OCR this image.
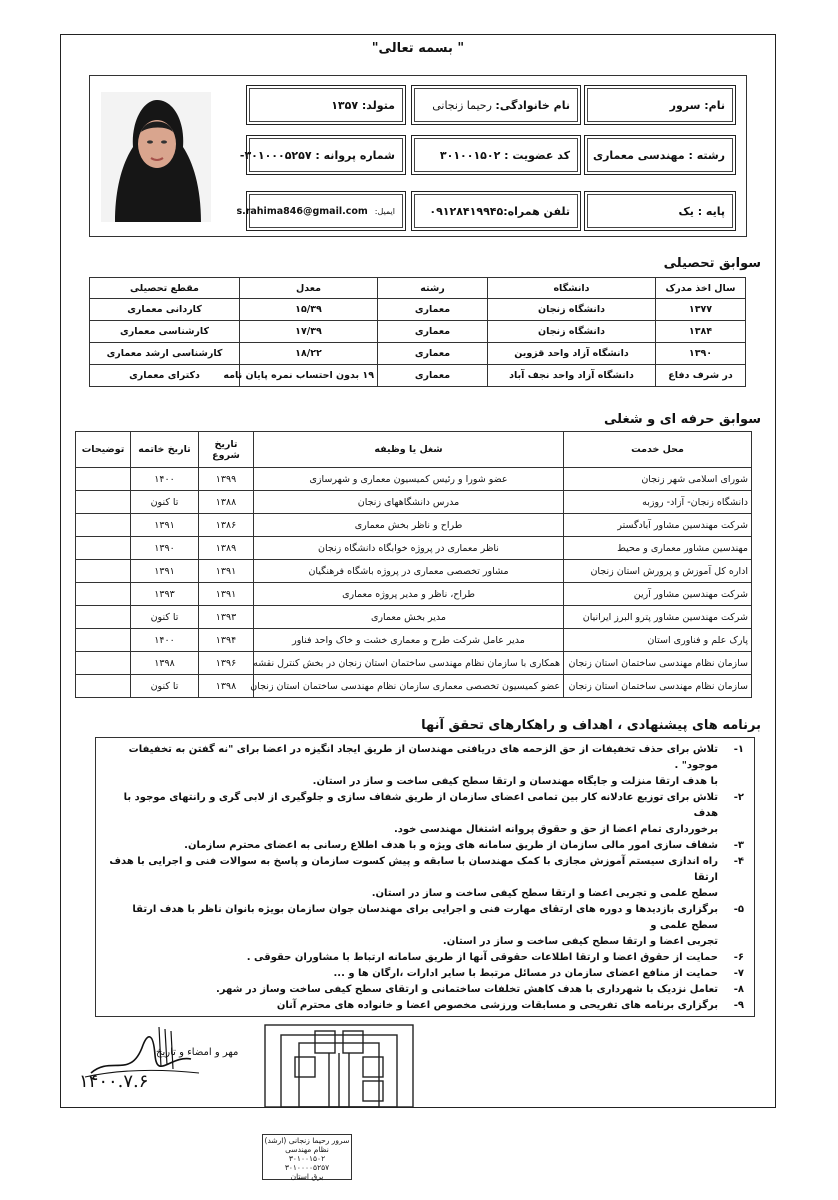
" بسمه تعالی"
متولد: ۱۳۵۷	نام خانوادگی:

رحیما زنجانی	نام: سرور
شماره پروانه : ۳۰۱۰۰۰۵۲۵۷-	کد عضویت : ۳۰۱۰۰۱۵۰۲ رشته : مهندسی معماری
ایمیل:

s.rahima846@gmail.com	تلفن همراه:۰۹۱۲۸۴۱۹۹۴۵	پایه : یک
سوابق تحصیلی
سال اخذ مدرک	دانشگاه	رشته	معدل	مقطع تحصیلی
۱۳۷۷	دانشگاه زنجان	معماری	۱۵/۳۹	کاردانی معماری
۱۳۸۴	دانشگاه زنجان	معماری	۱۷/۳۹	کارشناسی معماری
۱۳۹۰	دانشگاه آزاد واحد قزوین	معماری	۱۸/۲۲	کارشناسی ارشد معماری
در شرف دفاع	دانشگاه آزاد واحد نجف آباد	معماری	۱۹ بدون احتساب نمره پایان نامه	دکترای معماری
سوابق حرفه ای و شغلی
محل خدمت	شغل یا وظیفه	تاریخ شروع	تاریخ خاتمه	توضیحات
شورای اسلامی شهر زنجان	عضو شورا و رئیس کمیسیون معماری و شهرسازی	۱۳۹۹	۱۴۰۰	
دانشگاه زنجان- آزاد- روزبه	مدرس دانشگاههای زنجان	۱۳۸۸	تا کنون	
شرکت مهندسین مشاور آبادگستر	طراح و ناظر بخش معماری	۱۳۸۶	۱۳۹۱	
مهندسین مشاور معماری و محیط	ناظر معماری در پروژه خوابگاه دانشگاه زنجان	۱۳۸۹	۱۳۹۰	
اداره کل آموزش و پرورش استان زنجان	مشاور تخصصی معماری در پروژه باشگاه فرهنگیان	۱۳۹۱	۱۳۹۱	
شرکت مهندسین مشاور آرین	طراح، ناظر و مدیر پروژه معماری	۱۳۹۱	۱۳۹۳	
شرکت مهندسین مشاور پترو البرز ایرانیان	مدیر بخش معماری	۱۳۹۳	تا کنون	
پارک علم و فناوری استان	مدیر عامل شرکت طرح و معماری خشت و خاک واحد فناور	۱۳۹۴	۱۴۰۰	
سازمان نظام مهندسی ساختمان استان زنجان	همکاری با سازمان نظام مهندسی ساختمان استان زنجان در بخش کنترل نقشه	۱۳۹۶	۱۳۹۸	
سازمان نظام مهندسی ساختمان استان زنجان	عضو کمیسیون تخصصی معماری سازمان نظام مهندسی ساختمان استان زنجان	۱۳۹۸	تا کنون	
برنامه های پیشنهادی ، اهداف و راهکارهای تحقق آنها
۱-
تلاش برای حذف تخفیفات از حق الزحمه های دریافتی مهندسان از طریق ایجاد انگیزه در اعضا برای "نه گفتن به تخفیفات موجود" .
با هدف ارتقا منزلت و جایگاه مهندسان و ارتقا سطح کیفی ساخت و ساز در استان.
۲-
تلاش برای توزیع عادلانه کار بین تمامی اعضای سازمان از طریق شفاف سازی و جلوگیری از لابی گری و رانتهای موجود با هدف
برخورداری تمام اعضا از حق و حقوق پروانه اشتغال مهندسی خود.
۳-
شفاف سازی امور مالی سازمان از طریق سامانه های ویژه و با هدف اطلاع رسانی به اعضای محترم سازمان.
۴-
راه اندازی سیستم آموزش مجازی با کمک مهندسان با سابقه و پیش کسوت سازمان و پاسخ به سوالات فنی و اجرایی با هدف ارتقا
سطح علمی و تجربی اعضا و ارتقا سطح کیفی ساخت و ساز در استان.
۵-
برگزاری بازدیدها و دوره های ارتقای مهارت فنی و اجرایی برای مهندسان جوان سازمان بویژه بانوان ناظر با هدف ارتقا سطح علمی و
تجربی اعضا و ارتقا سطح کیفی ساخت و ساز در استان.
۶-
حمایت از حقوق اعضا و ارتقا اطلاعات حقوقی آنها از طریق سامانه ارتباط با مشاوران حقوقی .
۷-
حمایت از منافع اعضای سازمان در مسائل مرتبط با سایر ادارات ،ارگان ها و ...
۸-
تعامل نزدیک با شهرداری با هدف کاهش تخلفات ساختمانی و ارتقای سطح کیفی ساخت وساز در شهر.
۹-
برگزاری برنامه های تفریحی و مسابقات ورزشی مخصوص اعضا و خانواده های محترم آنان
مهر و امضاء و تاریخ
۱۴۰۰.۷.۶
سرور رحیما زنجانی (ارشد)
نظام مهندسی
۳۰۱۰۰۱۵۰۲
۳۰۱۰۰۰۰۵۲۵۷
برق استان
